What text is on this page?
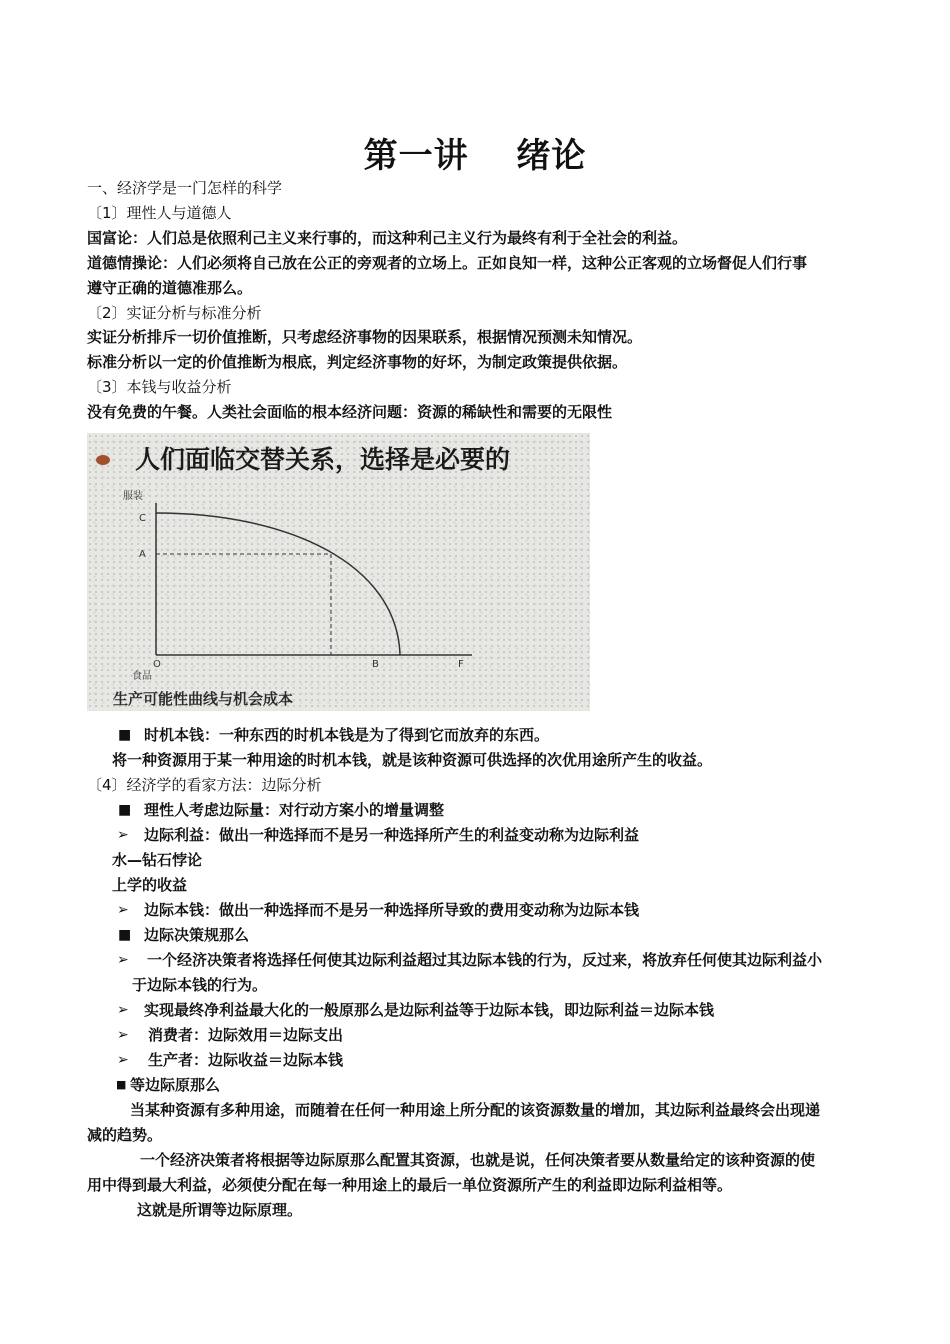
第一讲　 绪论
一、经济学是一门怎样的科学
〔1〕理性人与道德人
国富论：人们总是依照利己主义来行事的，而这种利己主义行为最终有利于全社会的利益。
道德情操论：人们必须将自己放在公正的旁观者的立场上。正如良知一样，这种公正客观的立场督促人们行事
遵守正确的道德准那么。
〔2〕实证分析与标准分析
实证分析排斥一切价值推断，只考虑经济事物的因果联系，根据情况预测未知情况。
标准分析以一定的价值推断为根底，判定经济事物的好坏，为制定政策提供依据。
〔3〕本钱与收益分析
没有免费的午餐。人类社会面临的根本经济问题：资源的稀缺性和需要的无限性
人们面临交替关系，选择是必要的
服装
C
A
O
食品
B	F
生产可能性曲线与机会成本
■ 时机本钱：一种东西的时机本钱是为了得到它而放弃的东西。
将一种资源用于某一种用途的时机本钱，就是该种资源可供选择的次优用途所产生的收益。
〔4〕经济学的看家方法：边际分析
■ 理性人考虑边际量：对行动方案小的增量调整
➢ 边际利益：做出一种选择而不是另一种选择所产生的利益变动称为边际利益
水—钻石悖论
上学的收益
➢ 边际本钱：做出一种选择而不是另一种选择所导致的费用变动称为边际本钱
■ 边际决策规那么
➢ 一个经济决策者将选择任何使其边际利益超过其边际本钱的行为，反过来，将放弃任何使其边际利益小
于边际本钱的行为。
➢ 实现最终净利益最大化的一般原那么是边际利益等于边际本钱，即边际利益＝边际本钱
➢ 消费者：边际效用＝边际支出
➢ 生产者：边际收益＝边际本钱
■ 等边际原那么
当某种资源有多种用途，而随着在任何一种用途上所分配的该资源数量的增加，其边际利益最终会出现递
减的趋势。
一个经济决策者将根据等边际原那么配置其资源，也就是说，任何决策者要从数量给定的该种资源的使
用中得到最大利益，必须使分配在每一种用途上的最后一单位资源所产生的利益即边际利益相等。
这就是所谓等边际原理。
